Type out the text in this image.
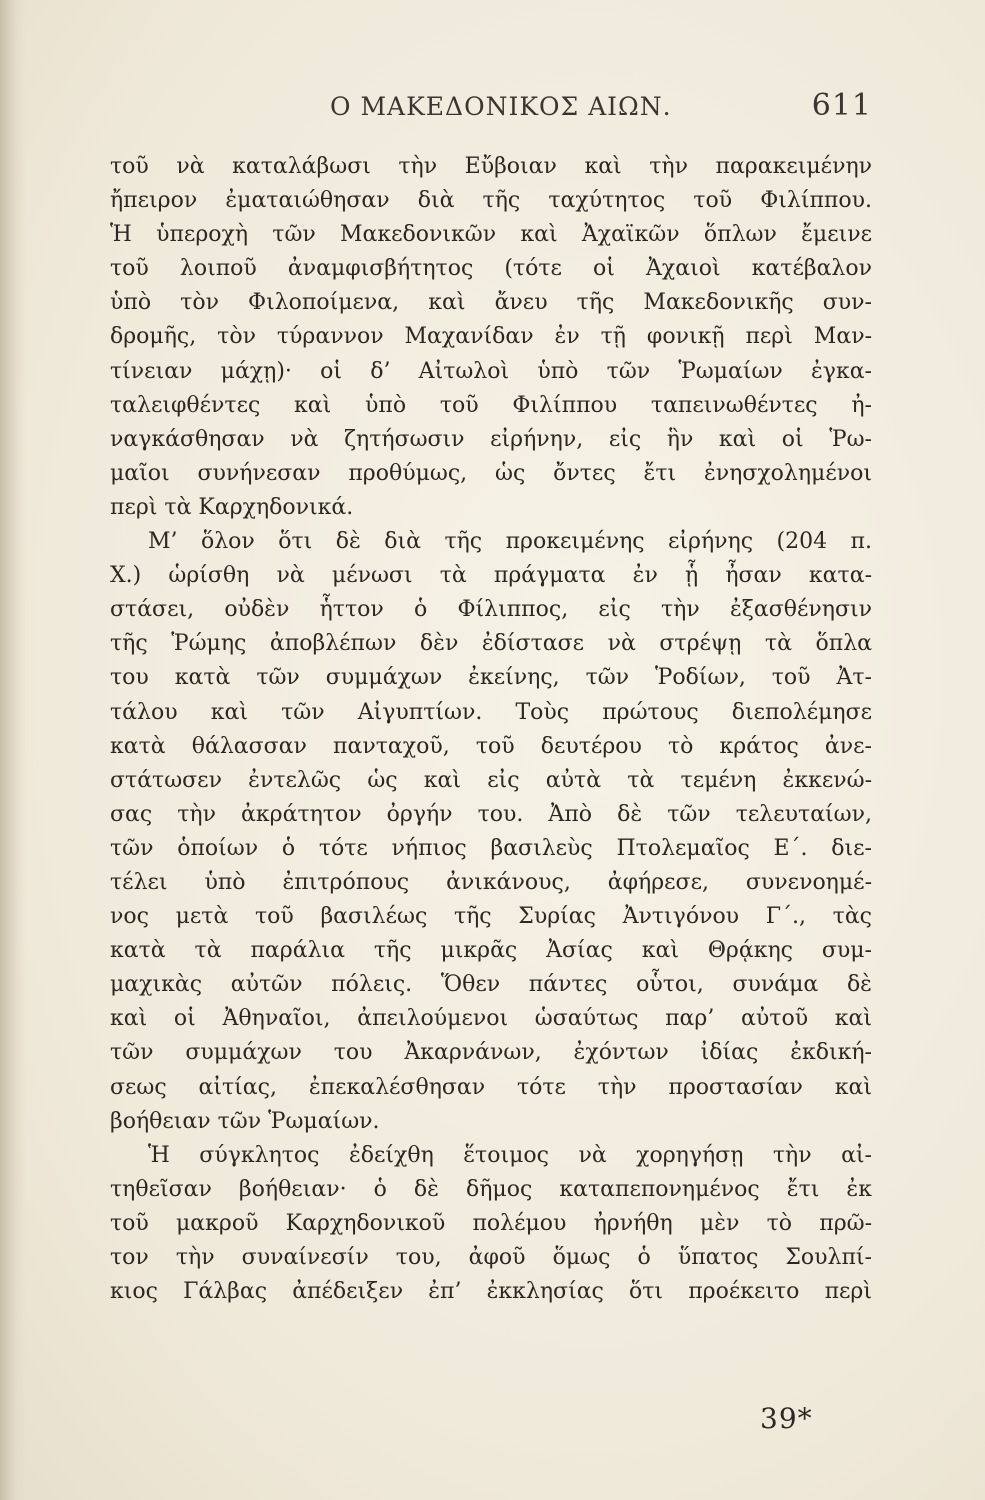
Ο ΜΑΚΕΔΟΝΙΚΟΣ ΑΙΩΝ.	611
τοῦ νὰ καταλάβωσι τὴν Εὔβοιαν καὶ τὴν παρακειμένην
ἤπειρον ἐματαιώθησαν διὰ τῆς ταχύτητος τοῦ Φιλίππου.
Ἡ ὑπεροχὴ τῶν Μακεδονικῶν καὶ Ἀχαϊκῶν ὅπλων ἔμεινε
τοῦ λοιποῦ ἀναμφισβήτητος (τότε οἱ Ἀχαιοὶ κατέβαλον
ὑπὸ τὸν Φιλοποίμενα, καὶ ἄνευ τῆς Μακεδονικῆς συν-
δρομῆς, τὸν τύραννον Μαχανίδαν ἐν τῇ φονικῇ περὶ Μαν-
τίνειαν μάχῃ)· οἱ δ’ Αἰτωλοὶ ὑπὸ τῶν Ῥωμαίων ἐγκα-
ταλειφθέντες καὶ ὑπὸ τοῦ Φιλίππου ταπεινωθέντες ἠ-
ναγκάσθησαν νὰ ζητήσωσιν εἰρήνην, εἰς ἣν καὶ οἱ Ῥω-
μαῖοι συνήνεσαν προθύμως, ὡς ὄντες ἔτι ἐνησχολημένοι
περὶ τὰ Καρχηδονικά.
Μ’ ὅλον ὅτι δὲ διὰ τῆς προκειμένης εἰρήνης (204 π.
Χ.) ὡρίσθη νὰ μένωσι τὰ πράγματα ἐν ᾗ ἦσαν κατα-
στάσει, οὐδὲν ἧττον ὁ Φίλιππος, εἰς τὴν ἐξασθένησιν
τῆς Ῥώμης ἀποβλέπων δὲν ἐδίστασε νὰ στρέψῃ τὰ ὅπλα
του κατὰ τῶν συμμάχων ἐκείνης, τῶν Ῥοδίων, τοῦ Ἀτ-
τάλου καὶ τῶν Αἰγυπτίων. Τοὺς πρώτους διεπολέμησε
κατὰ θάλασσαν πανταχοῦ, τοῦ δευτέρου τὸ κράτος ἀνε-
στάτωσεν ἐντελῶς ὡς καὶ εἰς αὐτὰ τὰ τεμένη ἐκκενώ-
σας τὴν ἀκράτητον ὀργήν του. Ἀπὸ δὲ τῶν τελευταίων,
τῶν ὁποίων ὁ τότε νήπιος βασιλεὺς Πτολεμαῖος Ε΄. διε-
τέλει ὑπὸ ἐπιτρόπους ἀνικάνους, ἀφήρεσε, συνενοημέ-
νος μετὰ τοῦ βασιλέως τῆς Συρίας Ἀντιγόνου Γ΄., τὰς
κατὰ τὰ παράλια τῆς μικρᾶς Ἀσίας καὶ Θρᾴκης συμ-
μαχικὰς αὐτῶν πόλεις. Ὅθεν πάντες οὗτοι, συνάμα δὲ
καὶ οἱ Ἀθηναῖοι, ἀπειλούμενοι ὡσαύτως παρ’ αὐτοῦ καὶ
τῶν συμμάχων του Ἀκαρνάνων, ἐχόντων ἰδίας ἐκδική-
σεως αἰτίας, ἐπεκαλέσθησαν τότε τὴν προστασίαν καὶ
βοήθειαν τῶν Ῥωμαίων.
Ἡ σύγκλητος ἐδείχθη ἕτοιμος νὰ χορηγήσῃ τὴν αἰ-
τηθεῖσαν βοήθειαν· ὁ δὲ δῆμος καταπεπονημένος ἔτι ἐκ
τοῦ μακροῦ Καρχηδονικοῦ πολέμου ἠρνήθη μὲν τὸ πρῶ-
τον τὴν συναίνεσίν του, ἀφοῦ ὅμως ὁ ὕπατος Σουλπί-
κιος Γάλβας ἀπέδειξεν ἐπ’ ἐκκλησίας ὅτι προέκειτο περὶ
39*
